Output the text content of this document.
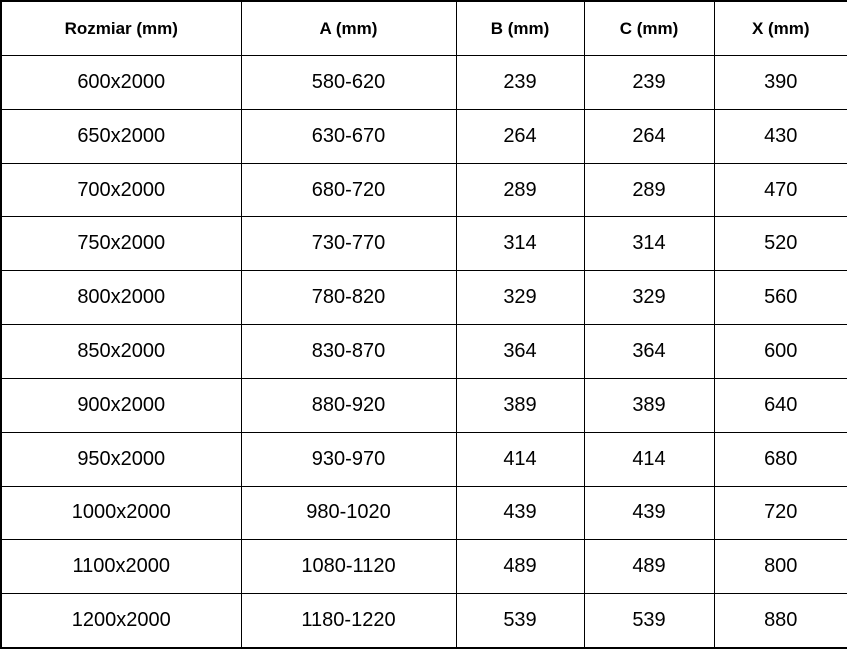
Rozmiar (mm)	A (mm)	B (mm)	C (mm)	X (mm)
600x2000	580-620	239	239	390
650x2000	630-670	264	264	430
700x2000	680-720	289	289	470
750x2000	730-770	314	314	520
800x2000	780-820	329	329	560
850x2000	830-870	364	364	600
900x2000	880-920	389	389	640
950x2000	930-970	414	414	680
1000x2000	980-1020	439	439	720
1100x2000	1080-1120	489	489	800
1200x2000	1180-1220	539	539	880
